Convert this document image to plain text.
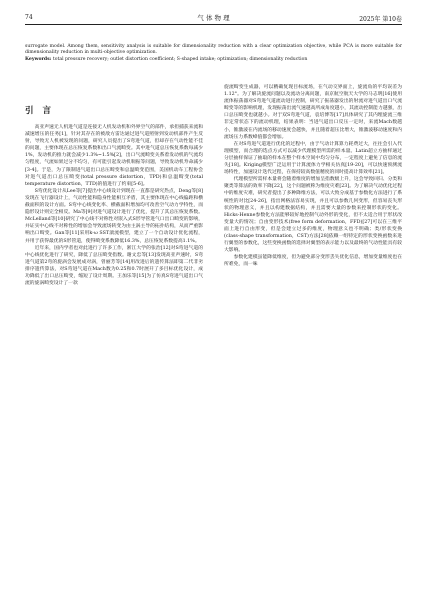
74	气 体 物 理	2025年 第10卷

surrogate model. Among them, sensitivity analysis is suitable for dimensionality reduction with a clear optimization objective, while PCA is more suitable for dimensionality reduction in multi-objective optimization.

Keywords: total pressure recovery; outlet distortion coefficient; S-shaped intake; optimization; dimensionality reduction

引 言

高亚声速无人机进气道是连接无人机发动机和外界空气的部件，承担捕获来流和减速增压的任务[1]，针对其存在的被敌方雷达通过进气道照射到发动机部件产生反射，导致无人机被发现的问题，研究人员提出了S弯进气道，但却存在气动性能不佳的问题，主要体现在总压恢复系数和出口气流畸变。其中进气道总压恢复系数每减少1%，发动机的推力就会减少1.3%~1.5%[2]，出口气流畸变关系着发动机的气流均匀程度，气流如果过分不均匀，有可能引起发动机喘振等问题，导致发动机寿命减少[3-4]。于是，为了限制进气道出口总压畸变和总温畸变范围，美国机动车工程协会对进气道出口总压畸变(total pressure distortion，TPD)和总温畸变(total temperature distortion，TTD)的值进行了约束[5-6]。

S弯优化设计从Lee等[7]提出中心线设计到现在一直都是研究热点，Deng等[8]发现在飞行器设计上，气动性能和隐身性能相互矛盾，其主要体现在中心线偏距和横截面积的设计方面。S弯中心线变化率、横截面积增加均可改善空气动力学特性，而隐形设计则完全相反。Ma等[9]对进气道设计进行了优化，提升了其总压恢复系数。McLelland等[10]研究了中心线不对称性对嵌入式S形导管进气口出口畸变的影响，并证实中心线不对称性的增加会导致流场转变为由主涡主导的拓扑结构，从而严重影响出口畸变。Gan等[11]采用k-ω SST湍流模型，建立了一个自动设计优化流程，并用于获得最优的S形管道，使得畸变系数降低16.3%，总压恢复系数提高1.1%。

近年来，国内学者也对此进行了许多工作，浙江大学的张治[12]对S弯进气道的中心线优化进行了研究，降低了总压畸变指数。谢文忠等[13]发现高亚声速时，S弯进气道第2弯的旋涡会发展成对涡，曾丽芳等[14]用改进后的遗传算法即第二代非劣排序遗传算法，对S弯进气道在Mach数为0.25和0.7时展开了多目标优化设计，成功降低了出口总压畸变，缩短了设计周期。王加乐等[15]为了仿真S弯进气道出口气流的旋涡畸变设计了一款

旋流畸变生成器，可以精确复现目标流场，在气动交界面上，旋流角的平均误差为1.12°。为了解决旋流问题以及流动分离问题，南京航空航天大学的马志明[16]使用流体振荡器对S弯进气道流动进行控制，研究了振荡器发出的射流对进气道出口气流畸变等的影响机理，发现振荡出流气速越高所成角度越小，其流动控制能力越强，出口总压畸变也就越小。对于双S弯进气道，袁培博等[17]具体研究了其内埋旋流三维非定常状态下的流动机理，结果表明：当进气道出口反压一定时，来流Mach数越小，锥激波在内流场的移动速度会越快，并且随着超压比增大，锥激波移动速度和内流场压力系数峰值都会增加。

在对S弯进气道进行优化的过程中，由于气动计算算力耗费过大，往往会引入代理模型，而合理的选点方式可以减少代理模型所需的样本量。Latin超立方抽样通过分层抽样保证了抽取的样本在整个样本空间中均匀分布，一定程度上避免了信息的流失[18]。Kriging模型广泛运用于计算流体力学相关仿真[19-20]，可以快速预测流场特性，加速设计迭代过程，在保持较高数值精度的同时提高计算效率[21]。

代理模型所需样本量将会随着维度的增加呈指数级上升，这会导致回归、分类和聚类等算法的效率下降[22]，这个问题被称为维度灾难[23]。为了解决气动优化过程中的维度灾难，研究者提出了多种降维方法，可以大致分成基于参数化方法进行了系统性的对比[24-26]，指出网格法容易实现，并且可以参数几何变形，但容易丧失形状的物理意义，并且以构建数据结构，并且需要大量的参数来控制形状的变化。Hicks-Henne参数化方法能够较好地控制气动外形的变化，但不太适合用于形状改变量大的情况；自由变形技术(free form deformation，FFD)[27]可以在三维平面上进行自由形变，但是会建立过多的维度，物理意义也不明确；类/形状变换(class-shape transformation，CST)方法[28]依赖一组特定的形状变换函数来进行翼型的参数化，这些变换函数的选择对翼型的表示能力以及最终的气动性能具有较大影响。

参数化建模虽能降低维度，但为避免部分变形丢失优化信息，增加变量维度也在所难免，而一味
